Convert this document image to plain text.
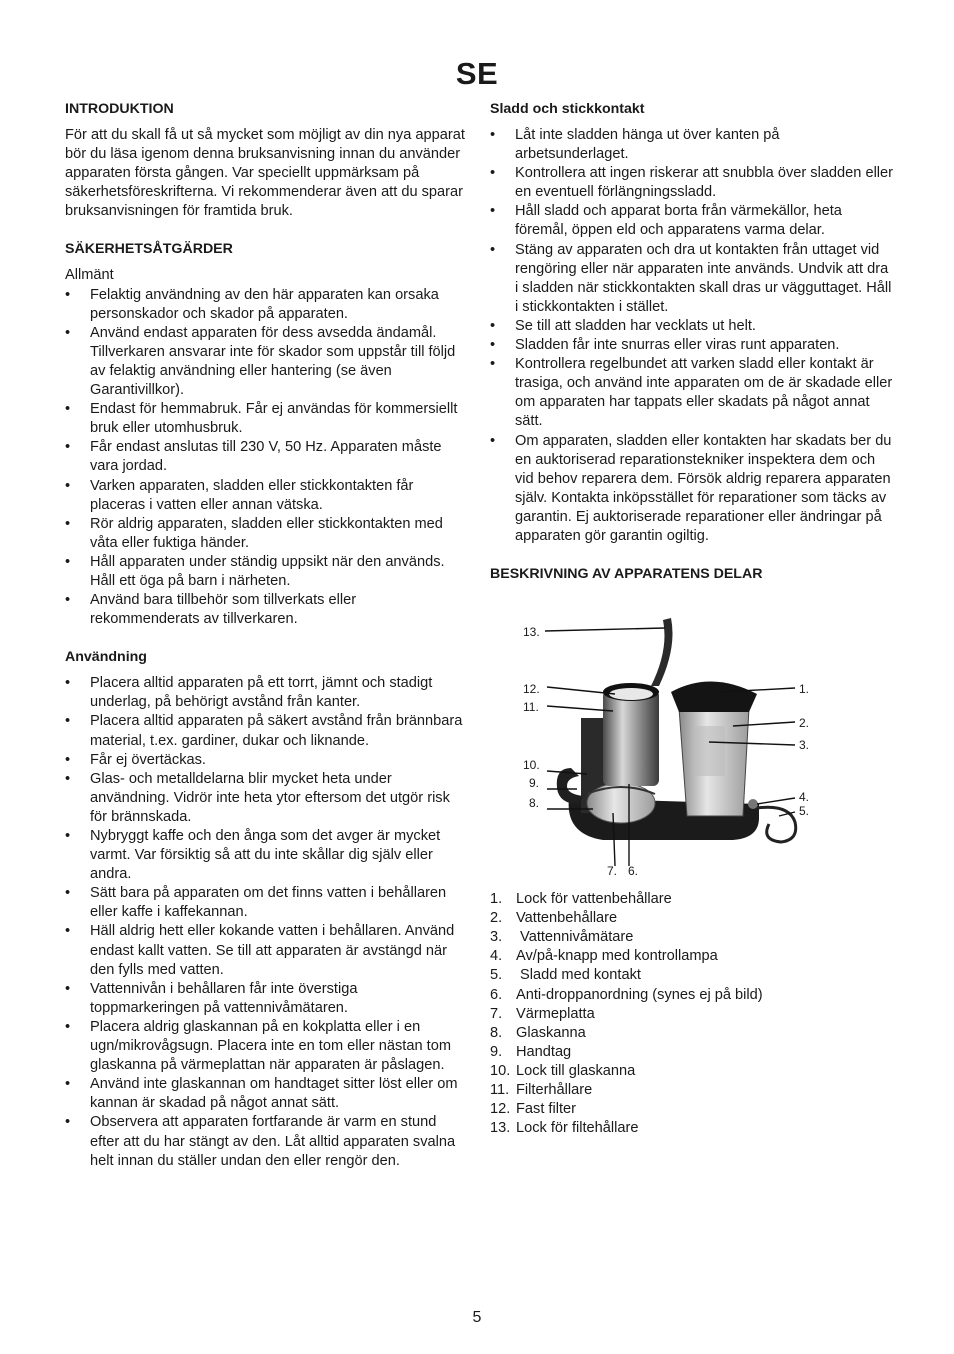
SE
INTRODUKTION

För att du skall få ut så mycket som möjligt av din nya apparat bör du läsa igenom denna bruksanvisning innan du använder apparaten första gången. Var speciellt uppmärksam på säkerhetsföreskrifterna. Vi rekommenderar även att du sparar bruksanvisningen för framtida bruk.

SÄKERHETSÅTGÄRDER

Allmänt

• Felaktig användning av den här apparaten kan orsaka personskador och skador på apparaten.
• Använd endast apparaten för dess avsedda ändamål. Tillverkaren ansvarar inte för skador som uppstår till följd av felaktig användning eller hantering (se även Garantivillkor).
• Endast för hemmabruk. Får ej användas för kommersiellt bruk eller utomhusbruk.
• Får endast anslutas till 230 V, 50 Hz. Apparaten måste vara jordad.
• Varken apparaten, sladden eller stickkontakten får placeras i vatten eller annan vätska.
• Rör aldrig apparaten, sladden eller stickkontakten med våta eller fuktiga händer.
• Håll apparaten under ständig uppsikt när den används. Håll ett öga på barn i närheten.
• Använd bara tillbehör som tillverkats eller rekommenderats av tillverkaren.
Användning
• Placera alltid apparaten på ett torrt, jämnt och stadigt underlag, på behörigt avstånd från kanter.
• Placera alltid apparaten på säkert avstånd från brännbara material, t.ex. gardiner, dukar och liknande.
• Får ej övertäckas.
• Glas- och metalldelarna blir mycket heta under användning. Vidrör inte heta ytor eftersom det utgör risk för brännskada.
• Nybryggt kaffe och den ånga som det avger är mycket varmt. Var försiktig så att du inte skållar dig själv eller andra.
• Sätt bara på apparaten om det finns vatten i behållaren eller kaffe i kaffekannan.
• Häll aldrig hett eller kokande vatten i behållaren. Använd endast kallt vatten. Se till att apparaten är avstängd när den fylls med vatten.
• Vattennivån i behållaren får inte överstiga toppmarkeringen på vattennivåmätaren.
• Placera aldrig glaskannan på en kokplatta eller i en ugn/mikrovågsugn. Placera inte en tom eller nästan tom glaskanna på värmeplattan när apparaten är påslagen.
• Använd inte glaskannan om handtaget sitter löst eller om kannan är skadad på något annat sätt.
• Observera att apparaten fortfarande är varm en stund efter att du har stängt av den. Låt alltid apparaten svalna helt innan du ställer undan den eller rengör den.
Sladd och stickkontakt
• Låt inte sladden hänga ut över kanten på arbetsunderlaget.
• Kontrollera att ingen riskerar att snubbla över sladden eller en eventuell förlängningssladd.
• Håll sladd och apparat borta från värmekällor, heta föremål, öppen eld och apparatens varma delar.
• Stäng av apparaten och dra ut kontakten från uttaget vid rengöring eller när apparaten inte används. Undvik att dra i sladden när stickkontakten skall dras ur vägguttaget. Håll i stickkontakten i stället.
• Se till att sladden har vecklats ut helt.
• Sladden får inte snurras eller viras runt apparaten.
• Kontrollera regelbundet att varken sladd eller kontakt är trasiga, och använd inte apparaten om de är skadade eller om apparaten har tappats eller skadats på något annat sätt.
• Om apparaten, sladden eller kontakten har skadats ber du en auktoriserad reparationstekniker inspektera dem och vid behov reparera dem. Försök aldrig reparera apparaten själv. Kontakta inköpsstället för reparationer som täcks av garantin. Ej auktoriserade reparationer eller ändringar på apparaten gör garantin ogiltig.
BESKRIVNING AV APPARATENS DELAR
13.
12.
11.
10.
9.
8.
7. 6.
1.
2.
3.
4.
5.
1. Lock för vattenbehållare
2. Vattenbehållare
3. Vattennivåmätare
4. Av/på-knapp med kontrollampa
5. Sladd med kontakt
6. Anti-droppanordning (synes ej på bild)
7. Värmeplatta
8. Glaskanna
9. Handtag
10. Lock till glaskanna
11. Filterhållare
12. Fast filter
13. Lock för filtehållare
5
